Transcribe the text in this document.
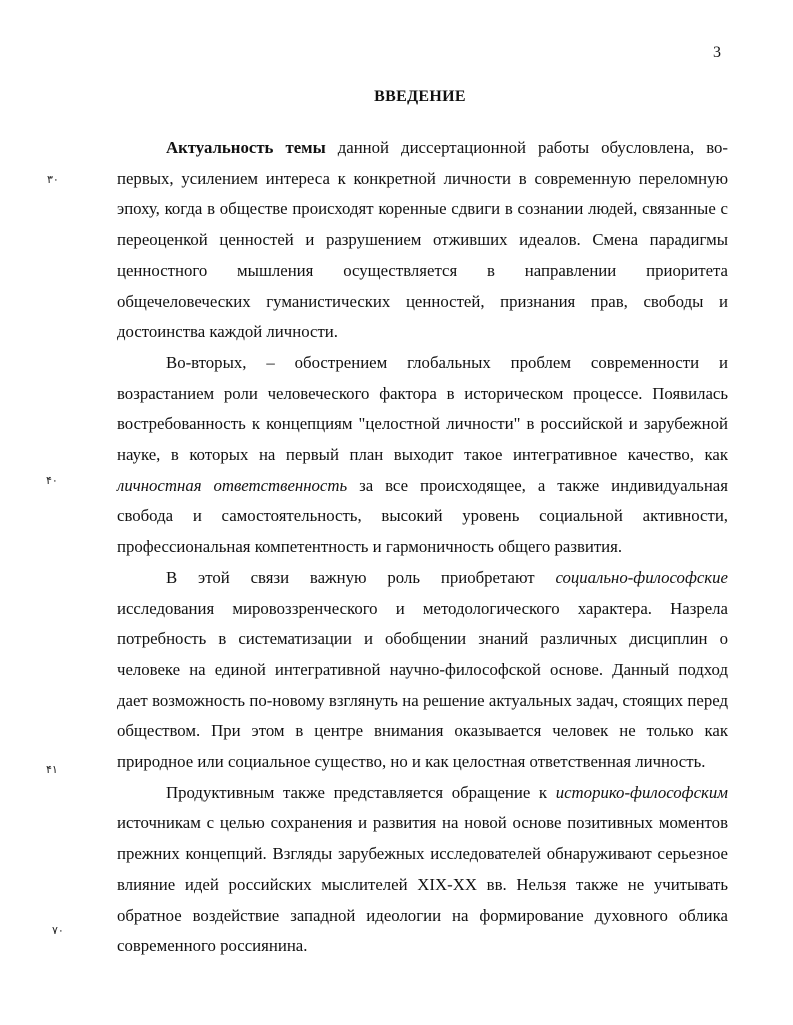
3
ВВЕДЕНИЕ
٣٠
۴٠
۴١
۷٠

Актуальность темы данной диссертационной работы обусловлена, во-первых, усилением интереса к конкретной личности в современную переломную эпоху, когда в обществе происходят коренные сдвиги в сознании людей, связанные с переоценкой ценностей и разрушением отживших идеалов. Смена парадигмы ценностного мышления осуществляется в направлении приоритета общечеловеческих гуманистических ценностей, признания прав, свободы и достоинства каждой личности.

Во-вторых, – обострением глобальных проблем современности и возрастанием роли человеческого фактора в историческом процессе. Появилась востребованность к концепциям "целостной личности" в российской и зарубежной науке, в которых на первый план выходит такое интегративное качество, как личностная ответственность за все происходящее, а также индивидуальная свобода и самостоятельность, высокий уровень социальной активности, профессиональная компетентность и гармоничность общего развития.

В этой связи важную роль приобретают социально-философские исследования мировоззренческого и методологического характера. Назрела потребность в систематизации и обобщении знаний различных дисциплин о человеке на единой интегративной научно-философской основе. Данный подход дает возможность по-новому взглянуть на решение актуальных задач, стоящих перед обществом. При этом в центре внимания оказывается человек не только как природное или социальное существо, но и как целостная ответственная личность.

Продуктивным также представляется обращение к историко-философским источникам с целью сохранения и развития на новой основе позитивных моментов прежних концепций. Взгляды зарубежных исследователей обнаруживают серьезное влияние идей российских мыслителей XIX-XX вв. Нельзя также не учитывать обратное воздействие западной идеологии на формирование духовного облика современного россиянина.
